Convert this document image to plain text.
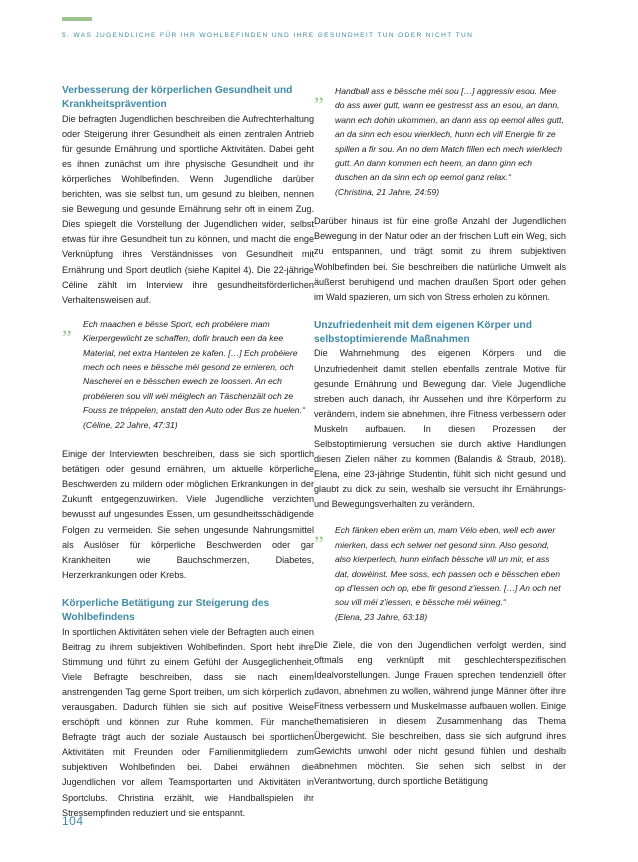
5. WAS JUGENDLICHE FÜR IHR WOHLBEFINDEN UND IHRE GESUNDHEIT TUN ODER NICHT TUN
Verbesserung der körperlichen Gesundheit und Krankheitsprävention

Die befragten Jugendlichen beschreiben die Aufrechterhaltung oder Steigerung ihrer Gesundheit als einen zentralen Antrieb für gesunde Ernährung und sportliche Aktivitäten. Dabei geht es ihnen zunächst um ihre physische Gesundheit und ihr körperliches Wohlbefinden. Wenn Jugendliche darüber berichten, was sie selbst tun, um gesund zu bleiben, nennen sie Bewegung und gesunde Ernährung sehr oft in einem Zug. Dies spiegelt die Vorstellung der Jugendlichen wider, selbst etwas für ihre Gesundheit tun zu können, und macht die enge Verknüpfung ihres Verständnisses von Gesundheit mit Ernährung und Sport deutlich (siehe Kapitel 4). Die 22-jährige Céline zählt im Interview ihre gesundheitsförderlichen Verhaltensweisen auf.

„ Ech maachen e bësse Sport, ech probéiere mam Kierpergewiicht ze schaffen, dofir brauch een da kee Material, net extra Hantelen ze kafen. […] Ech probéiere mech och nees e bëssche méi gesond ze ernieren, och Nascherei en e bësschen ewech ze loossen. An ech probéieren sou vill wéi méiglech an Täschenzäit och ze Fouss ze tréppelen, anstatt den Auto oder Bus ze huelen.“

(Céline, 22 Jahre, 47:31)

Einige der Interviewten beschreiben, dass sie sich sportlich betätigen oder gesund ernähren, um aktuelle körperliche Beschwerden zu mildern oder möglichen Erkrankungen in der Zukunft entgegenzuwirken. Viele Jugendliche verzichten bewusst auf ungesundes Essen, um gesundheitsschädigende Folgen zu vermeiden. Sie sehen ungesunde Nahrungsmittel als Auslöser für körperliche Beschwerden oder gar Krankheiten wie Bauchschmerzen, Diabetes, Herzerkrankungen oder Krebs.

Körperliche Betätigung zur Steigerung des Wohlbefindens

In sportlichen Aktivitäten sehen viele der Befragten auch einen Beitrag zu ihrem subjektiven Wohlbefinden. Sport hebt ihre Stimmung und führt zu einem Gefühl der Ausgeglichenheit. Viele Befragte beschreiben, dass sie nach einem anstrengenden Tag gerne Sport treiben, um sich körperlich zu verausgaben. Dadurch fühlen sie sich auf positive Weise erschöpft und können zur Ruhe kommen. Für manche Befragte trägt auch der soziale Austausch bei sportlichen Aktivitäten mit Freunden oder Familienmitgliedern zum subjektiven Wohlbefinden bei. Dabei erwähnen die Jugendlichen vor allem Teamsportarten und Aktivitäten in Sportclubs. Christina erzählt, wie Handballspielen ihr Stressempfinden reduziert und sie entspannt.

„ Handball ass e bëssche méi sou […] aggressiv esou. Mee do ass awer gutt, wann ee gestresst ass an esou, an dann, wann ech dohin ukommen, an dann ass op eemol alles gutt, an da sinn ech esou wierklech, hunn ech vill Energie fir ze spillen a fir sou. An no dem Match fillen ech mech wierklech gutt. An dann kommen ech heem, an dann ginn ech duschen an da sinn ech op eemol ganz relax.“

(Christina, 21 Jahre, 24:59)

Darüber hinaus ist für eine große Anzahl der Jugendlichen Bewegung in der Natur oder an der frischen Luft ein Weg, sich zu entspannen, und trägt somit zu ihrem subjektiven Wohlbefinden bei. Sie beschreiben die natürliche Umwelt als äußerst beruhigend und machen draußen Sport oder gehen im Wald spazieren, um sich von Stress erholen zu können.

Unzufriedenheit mit dem eigenen Körper und selbstoptimierende Maßnahmen

Die Wahrnehmung des eigenen Körpers und die Unzufriedenheit damit stellen ebenfalls zentrale Motive für gesunde Ernährung und Bewegung dar. Viele Jugendliche streben auch danach, ihr Aussehen und ihre Körperform zu verändern, indem sie abnehmen, ihre Fitness verbessern oder Muskeln aufbauen. In diesen Prozessen der Selbstoptimierung versuchen sie durch aktive Handlungen diesen Zielen näher zu kommen (Balandis & Straub, 2018). Elena, eine 23-jährige Studentin, fühlt sich nicht gesund und glaubt zu dick zu sein, weshalb sie versucht ihr Ernährungs- und Bewegungsverhalten zu verändern.

„ Ech fänken eben erëm un, mam Vélo eben, well ech awer mierken, dass ech selwer net gesond sinn. Also gesond, also kierperlech, hunn einfach bëssche vill un mir, et ass dat, dowéinst. Mee soss, ech passen och e bësschen eben op d'Iessen och op, ebe fir gesond z'iessen. […] An och net sou vill méi z'iessen, e bëssche méi wéineg.“

(Elena, 23 Jahre, 63:18)

Die Ziele, die von den Jugendlichen verfolgt werden, sind oftmals eng verknüpft mit geschlechterspezifischen Idealvorstellungen. Junge Frauen sprechen tendenziell öfter davon, abnehmen zu wollen, während junge Männer öfter ihre Fitness verbessern und Muskelmasse aufbauen wollen. Einige thematisieren in diesem Zusammenhang das Thema Übergewicht. Sie beschreiben, dass sie sich aufgrund ihres Gewichts unwohl oder nicht gesund fühlen und deshalb abnehmen möchten. Sie sehen sich selbst in der Verantwortung, durch sportliche Betätigung

104
